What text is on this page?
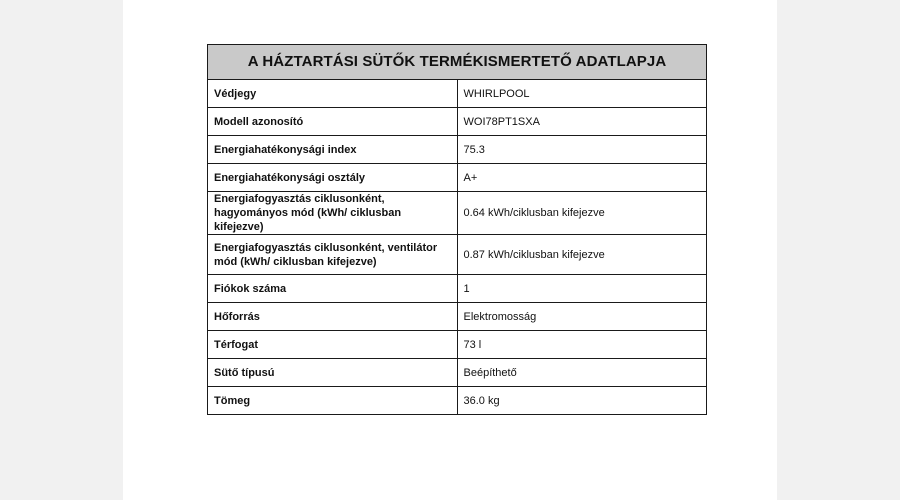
A HÁZTARTÁSI SÜTŐK TERMÉKISMERTETŐ ADATLAPJA	
Védjegy	WHIRLPOOL
Modell azonosító	WOI78PT1SXA
Energiahatékonysági index	75.3
Energiahatékonysági osztály	A+
Energiafogyasztás ciklusonként, hagyományos mód (kWh/ ciklusban kifejezve)	0.64 kWh/ciklusban kifejezve
Energiafogyasztás ciklusonként, ventilátor mód (kWh/ ciklusban kifejezve)	0.87 kWh/ciklusban kifejezve
Fiókok száma	1
Hőforrás	Elektromosság
Térfogat	73 l
Sütő típusú	Beépíthető
Tömeg	36.0 kg
